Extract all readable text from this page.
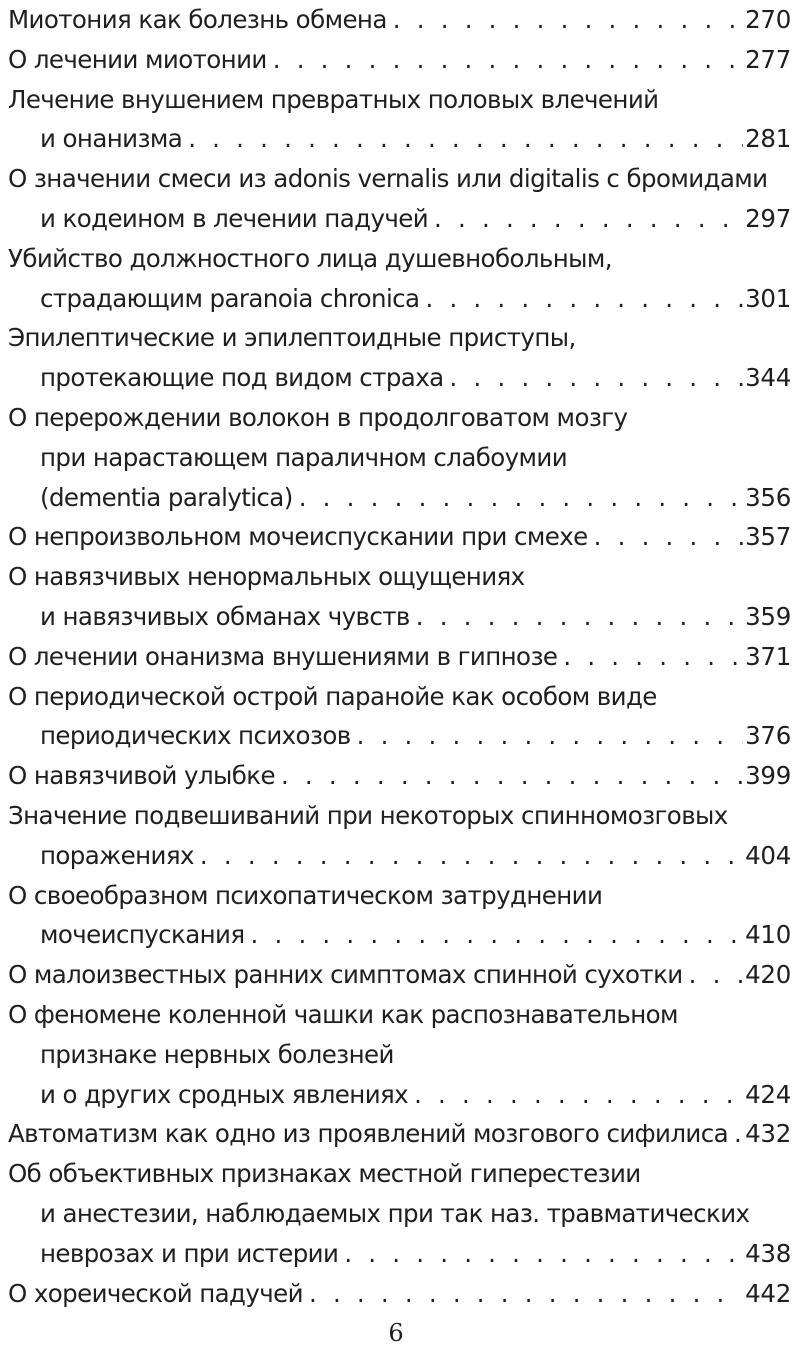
Миотония как болезнь обмена . . .	270
О лечении миотонии . . .	277
Лечение внушением превратных половых влечений
и онанизма . . .	281
О значении смеси из adonis vernalis или digitalis с бромидами
и кодеином в лечении падучей . . .	297
Убийство должностного лица душевнобольным,
страдающим paranoia chronica . . .	301
Эпилептические и эпилептоидные приступы,
протекающие под видом страха . . .	344
О перерождении волокон в продолговатом мозгу
при нарастающем параличном слабоумии
(dementia paralytica) . . .	356
О непроизвольном мочеиспускании при смехе . . .	357
О навязчивых ненормальных ощущениях
и навязчивых обманах чувств . . .	359
О лечении онанизма внушениями в гипнозе . . .	371
О периодической острой паранойе как особом виде
периодических психозов . . .	376
О навязчивой улыбке . . .	399
Значение подвешиваний при некоторых спинномозговых
поражениях . . .	404
О своеобразном психопатическом затруднении
мочеиспускания . . .	410
О малоизвестных ранних симптомах спинной сухотки . . .	420
О феномене коленной чашки как распознавательном
признаке нервных болезней
и о других сродных явлениях . . .	424
Автоматизм как одно из проявлений мозгового сифилиса . . . 432
Об объективных признаках местной гиперестезии
и анестезии, наблюдаемых при так наз. травматических
неврозах и при истерии . . .	438
О хореической падучей . . .	442
6
